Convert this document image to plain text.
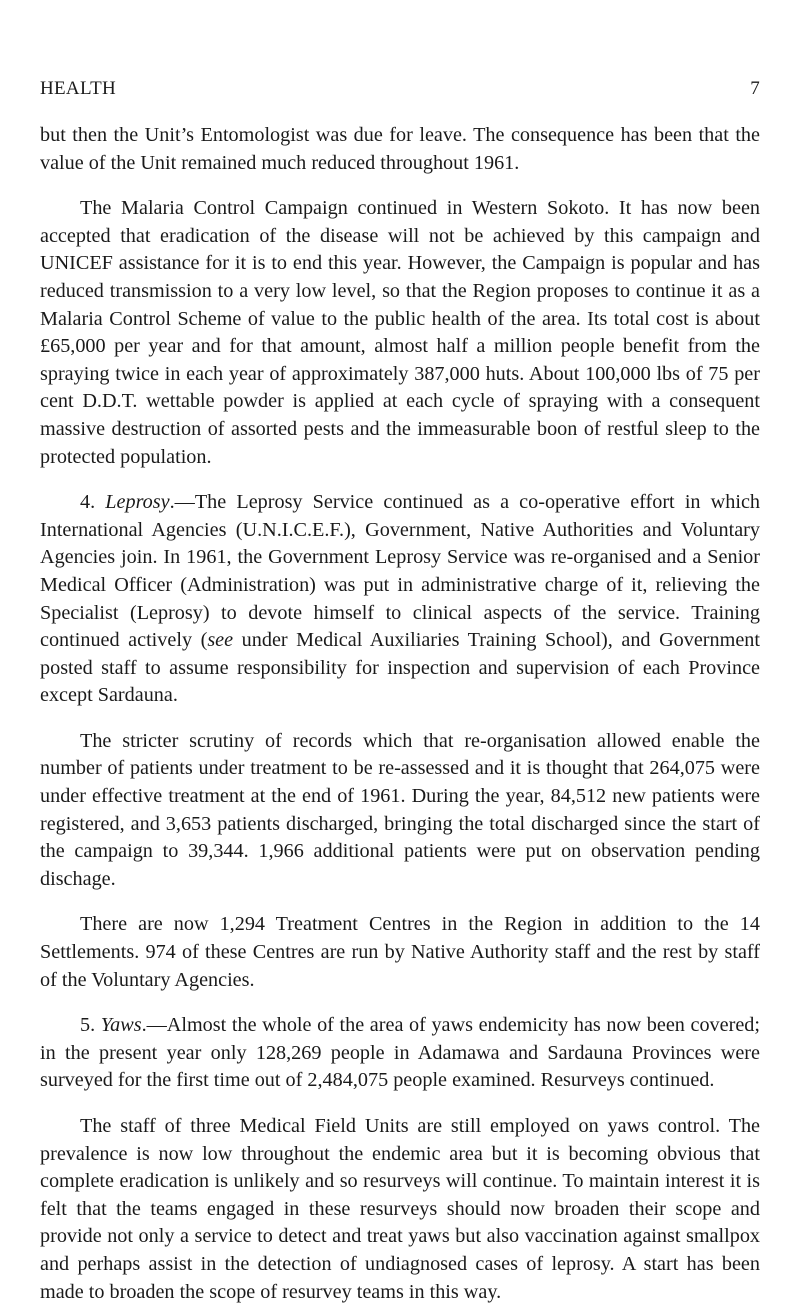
HEALTH	7

but then the Unit’s Entomologist was due for leave. The consequence has been that the value of the Unit remained much reduced throughout 1961.

The Malaria Control Campaign continued in Western Sokoto. It has now been accepted that eradication of the disease will not be achieved by this campaign and UNICEF assistance for it is to end this year. However, the Campaign is popular and has reduced transmission to a very low level, so that the Region proposes to continue it as a Malaria Control Scheme of value to the public health of the area. Its total cost is about £65,000 per year and for that amount, almost half a million people benefit from the spraying twice in each year of approximately 387,000 huts. About 100,000 lbs of 75 per cent D.D.T. wettable powder is applied at each cycle of spraying with a consequent massive destruction of assorted pests and the immeasurable boon of restful sleep to the protected population.

4. Leprosy.—The Leprosy Service continued as a co-operative effort in which International Agencies (U.N.I.C.E.F.), Government, Native Authorities and Voluntary Agencies join. In 1961, the Government Leprosy Service was re-organised and a Senior Medical Officer (Administration) was put in administrative charge of it, relieving the Specialist (Leprosy) to devote himself to clinical aspects of the service. Training continued actively (see under Medical Auxiliaries Training School), and Government posted staff to assume responsibility for inspection and supervision of each Province except Sardauna.

The stricter scrutiny of records which that re-organisation allowed enable the number of patients under treatment to be re-assessed and it is thought that 264,075 were under effective treatment at the end of 1961. During the year, 84,512 new patients were registered, and 3,653 patients discharged, bringing the total discharged since the start of the campaign to 39,344. 1,966 additional patients were put on observation pending dischage.

There are now 1,294 Treatment Centres in the Region in addition to the 14 Settlements. 974 of these Centres are run by Native Authority staff and the rest by staff of the Voluntary Agencies.

5. Yaws.—Almost the whole of the area of yaws endemicity has now been covered; in the present year only 128,269 people in Adamawa and Sardauna Provinces were surveyed for the first time out of 2,484,075 people examined. Resurveys continued.

The staff of three Medical Field Units are still employed on yaws control. The prevalence is now low throughout the endemic area but it is becoming obvious that complete eradication is unlikely and so resurveys will continue. To maintain interest it is felt that the teams engaged in these resurveys should now broaden their scope and provide not only a service to detect and treat yaws but also vaccination against smallpox and perhaps assist in the detection of undiagnosed cases of leprosy. A start has been made to broaden the scope of resurvey teams in this way.
